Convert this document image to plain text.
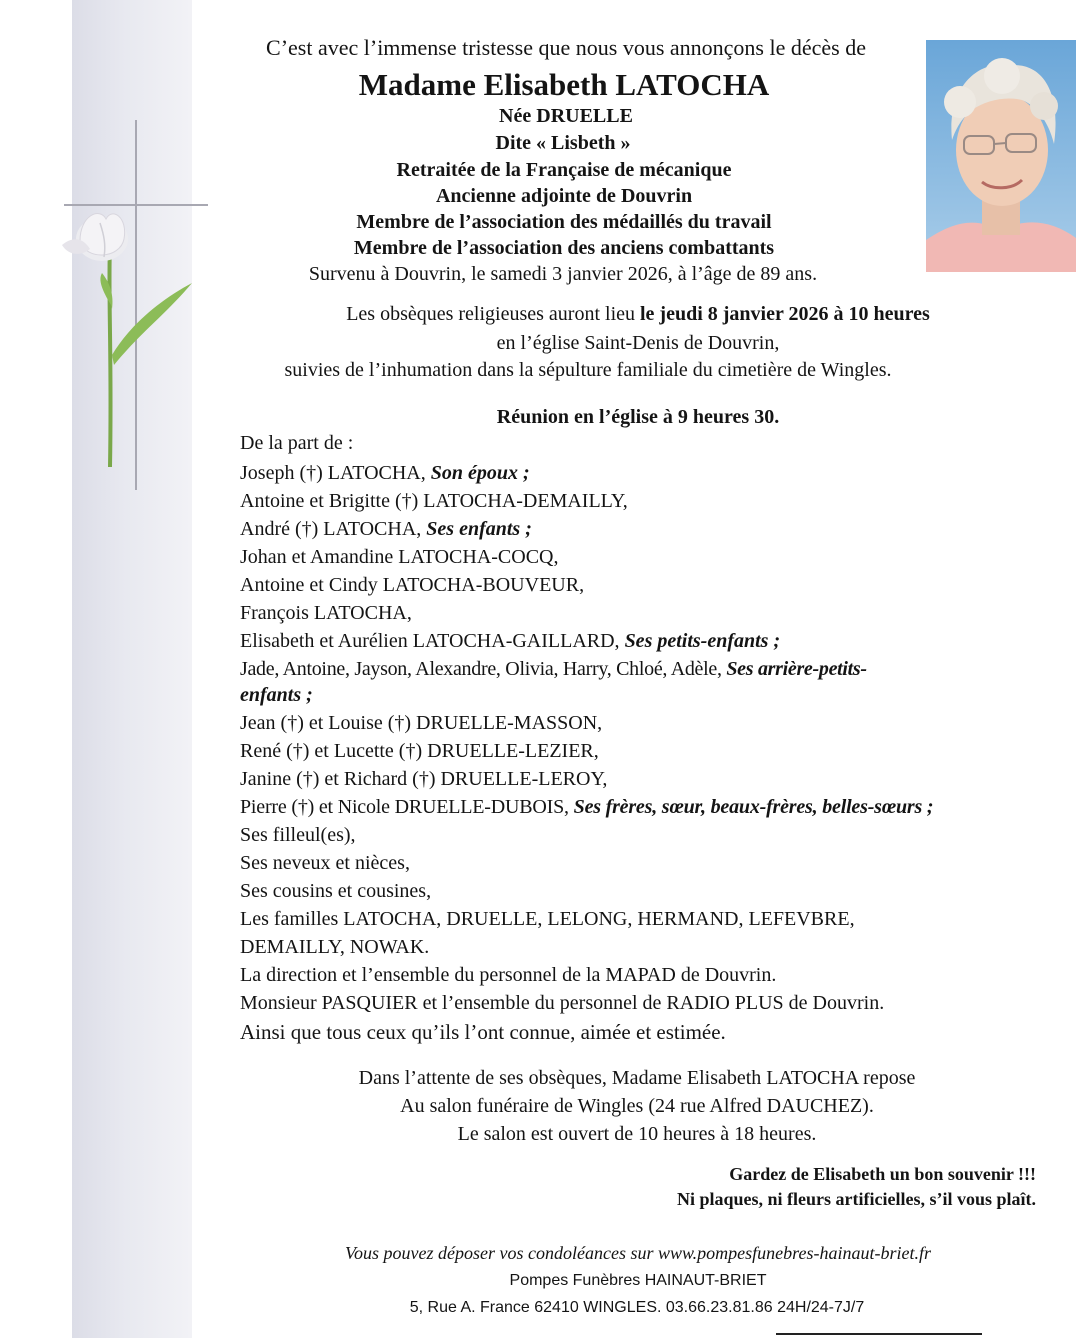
C’est avec l’immense tristesse que nous vous annonçons le décès de
Madame Elisabeth LATOCHA
Née DRUELLE
Dite « Lisbeth »
Retraitée de la Française de mécanique
Ancienne adjointe de Douvrin
Membre de l’association des médaillés du travail
Membre de l’association des anciens combattants
Survenu à Douvrin, le samedi 3 janvier 2026, à l’âge de 89 ans.
Les obsèques religieuses auront lieu le jeudi 8 janvier 2026 à 10 heures
en l’église Saint-Denis de Douvrin,
suivies de l’inhumation dans la sépulture familiale du cimetière de Wingles.
Réunion en l’église à 9 heures 30.
De la part de :
Joseph (†) LATOCHA, Son époux ;
Antoine et Brigitte (†) LATOCHA-DEMAILLY,
André (†) LATOCHA, Ses enfants ;
Johan et Amandine LATOCHA-COCQ,
Antoine et Cindy LATOCHA-BOUVEUR,
François LATOCHA,
Elisabeth et Aurélien LATOCHA-GAILLARD, Ses petits-enfants ;
Jade, Antoine, Jayson, Alexandre, Olivia, Harry, Chloé, Adèle, Ses arrière-petits-
enfants ;
Jean (†) et Louise (†) DRUELLE-MASSON,
René (†) et Lucette (†) DRUELLE-LEZIER,
Janine (†) et Richard (†) DRUELLE-LEROY,
Pierre (†) et Nicole DRUELLE-DUBOIS, Ses frères, sœur, beaux-frères, belles-sœurs ;
Ses filleul(es),
Ses neveux et nièces,
Ses cousins et cousines,
Les familles LATOCHA, DRUELLE, LELONG, HERMAND, LEFEVBRE,
DEMAILLY, NOWAK.
La direction et l’ensemble du personnel de la MAPAD de Douvrin.
Monsieur PASQUIER et l’ensemble du personnel de RADIO PLUS de Douvrin.
Ainsi que tous ceux qu’ils l’ont connue, aimée et estimée.
Dans l’attente de ses obsèques, Madame Elisabeth LATOCHA repose
Au salon funéraire de Wingles (24 rue Alfred DAUCHEZ).
Le salon est ouvert de 10 heures à 18 heures.
Gardez de Elisabeth un bon souvenir !!!
Ni plaques, ni fleurs artificielles, s’il vous plaît.
Vous pouvez déposer vos condoléances sur www.pompesfunebres-hainaut-briet.fr
Pompes Funèbres HAINAUT-BRIET
5, Rue A. France 62410 WINGLES. 03.66.23.81.86 24H/24-7J/7
